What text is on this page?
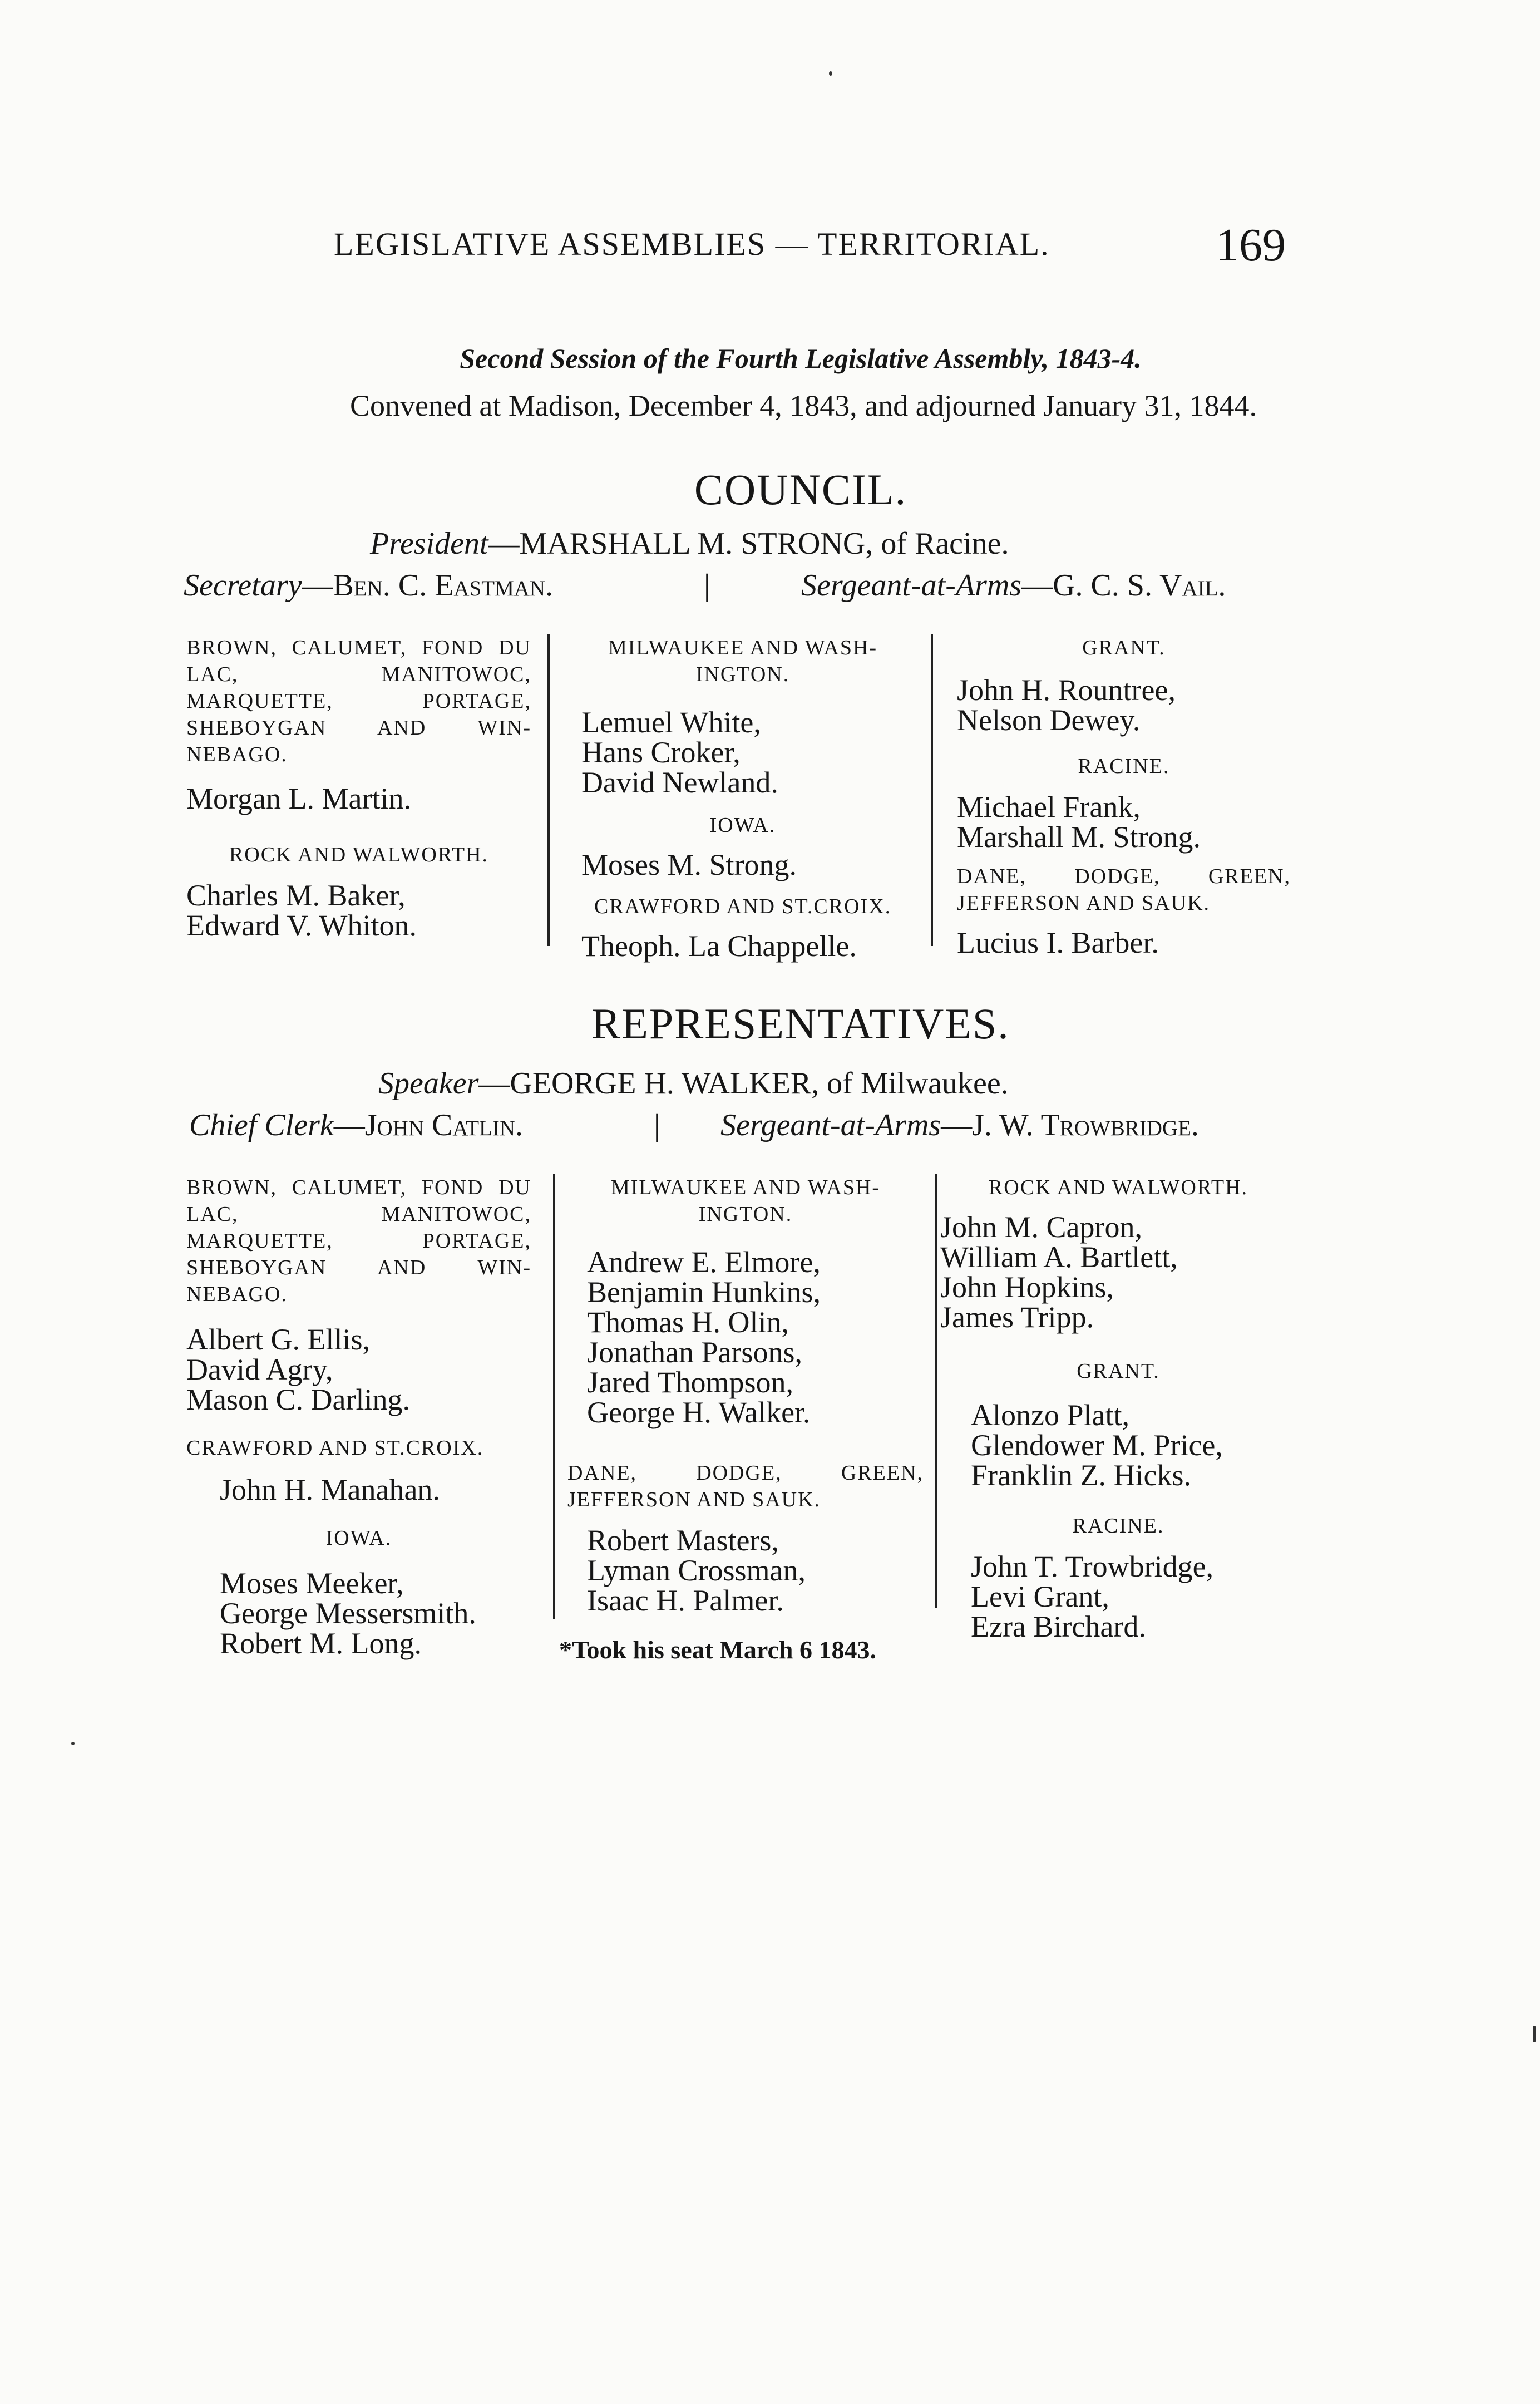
LEGISLATIVE ASSEMBLIES — TERRITORIAL.	169
Second Session of the Fourth Legislative Assembly, 1843-4.
Convened at Madison, December 4, 1843, and adjourned January 31, 1844.
COUNCIL.
President—MARSHALL M. STRONG, of Racine.
Secretary—Ben. C. Eastman.	|	Sergeant-at-Arms—G. C. S. Vail.
BROWN, CALUMET, FOND DU LAC, MANITOWOC, MARQUETTE, PORTAGE, SHEBOYGAN AND WIN-NEBAGO.
Morgan L. Martin.
ROCK AND WALWORTH.
Charles M. Baker,
Edward V. Whiton.
MILWAUKEE AND WASH-INGTON.
Lemuel White,
Hans Croker,
David Newland.
IOWA.
Moses M. Strong.
CRAWFORD AND ST.CROIX.
Theoph. La Chappelle.
GRANT.
John H. Rountree,
Nelson Dewey.
RACINE.
Michael Frank,
Marshall M. Strong.
DANE, DODGE, GREEN, JEFFERSON AND SAUK.
Lucius I. Barber.
REPRESENTATIVES.
Speaker—GEORGE H. WALKER, of Milwaukee.
Chief Clerk—John Catlin.	| Sergeant-at-Arms—J. W. Trowbridge.
BROWN, CALUMET, FOND DU LAC, MANITOWOC, MARQUETTE, PORTAGE, SHEBOYGAN AND WIN-NEBAGO.
Albert G. Ellis,
David Agry,
Mason C. Darling.
CRAWFORD AND ST.CROIX.
John H. Manahan.
IOWA.
Moses Meeker,
George Messersmith.
Robert M. Long.
MILWAUKEE AND WASH-INGTON.
Andrew E. Elmore,
Benjamin Hunkins,
Thomas H. Olin,
Jonathan Parsons,
Jared Thompson,
George H. Walker.
DANE, DODGE, GREEN, JEFFERSON AND SAUK.
Robert Masters,
Lyman Crossman,
Isaac H. Palmer.
ROCK AND WALWORTH.
John M. Capron,
William A. Bartlett,
John Hopkins,
James Tripp.
GRANT.
Alonzo Platt,
Glendower M. Price,
Franklin Z. Hicks.
RACINE.
John T. Trowbridge,
Levi Grant,
Ezra Birchard.
*Took his seat March 6 1843.
